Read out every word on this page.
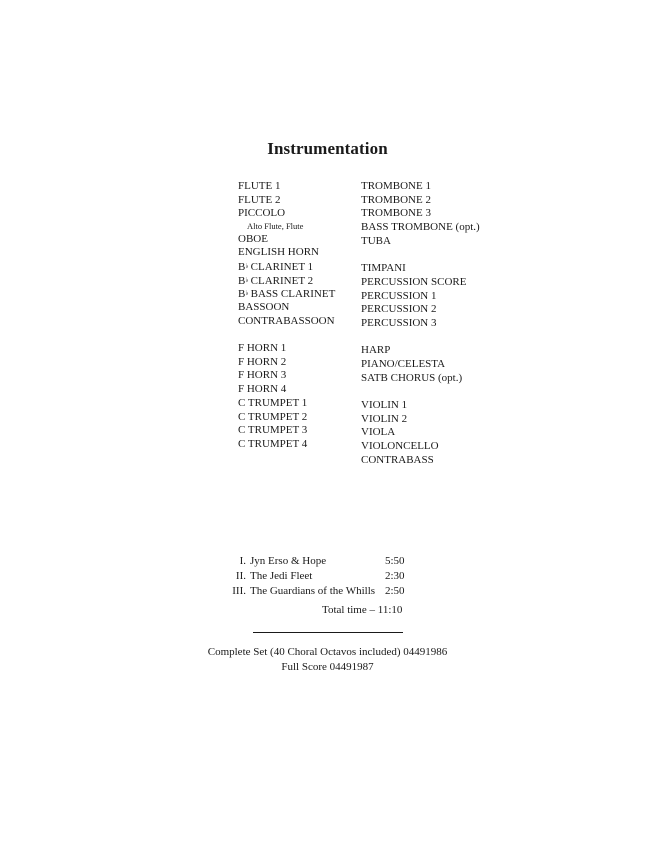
Instrumentation
FLUTE 1
FLUTE 2
PICCOLO
Alto Flute, Flute
OBOE
ENGLISH HORN
B♭ CLARINET 1
B♭ CLARINET 2
B♭ BASS CLARINET
BASSOON
CONTRABASSOON
F HORN 1
F HORN 2
F HORN 3
F HORN 4
C TRUMPET 1
C TRUMPET 2
C TRUMPET 3
C TRUMPET 4
TROMBONE 1
TROMBONE 2
TROMBONE 3
BASS TROMBONE (opt.)
TUBA
TIMPANI
PERCUSSION SCORE
PERCUSSION 1
PERCUSSION 2
PERCUSSION 3
HARP
PIANO/CELESTA
SATB CHORUS (opt.)
VIOLIN 1
VIOLIN 2
VIOLA
VIOLONCELLO
CONTRABASS
I. Jyn Erso & Hope	5:50
II. The Jedi Fleet	2:30
III. The Guardians of the Whills 2:50
Total time – 11:10
Complete Set (40 Choral Octavos included) 04491986
Full Score 04491987
